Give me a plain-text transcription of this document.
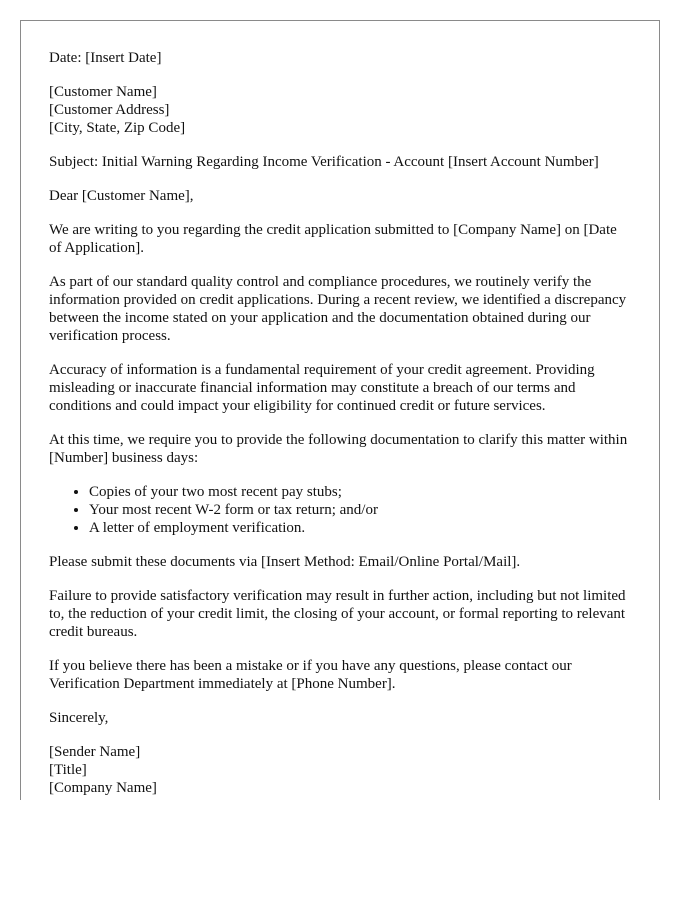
Date: [Insert Date]

[Customer Name]
[Customer Address]
[City, State, Zip Code]

Subject: Initial Warning Regarding Income Verification - Account [Insert Account Number]

Dear [Customer Name],

We are writing to you regarding the credit application submitted to [Company Name] on [Date of Application].

As part of our standard quality control and compliance procedures, we routinely verify the information provided on credit applications. During a recent review, we identified a discrepancy between the income stated on your application and the documentation obtained during our verification process.

Accuracy of information is a fundamental requirement of your credit agreement. Providing misleading or inaccurate financial information may constitute a breach of our terms and conditions and could impact your eligibility for continued credit or future services.

At this time, we require you to provide the following documentation to clarify this matter within [Number] business days:

• Copies of your two most recent pay stubs;
• Your most recent W-2 form or tax return; and/or
• A letter of employment verification.

Please submit these documents via [Insert Method: Email/Online Portal/Mail].

Failure to provide satisfactory verification may result in further action, including but not limited to, the reduction of your credit limit, the closing of your account, or formal reporting to relevant credit bureaus.

If you believe there has been a mistake or if you have any questions, please contact our Verification Department immediately at [Phone Number].

Sincerely,

[Sender Name]
[Title]
[Company Name]
